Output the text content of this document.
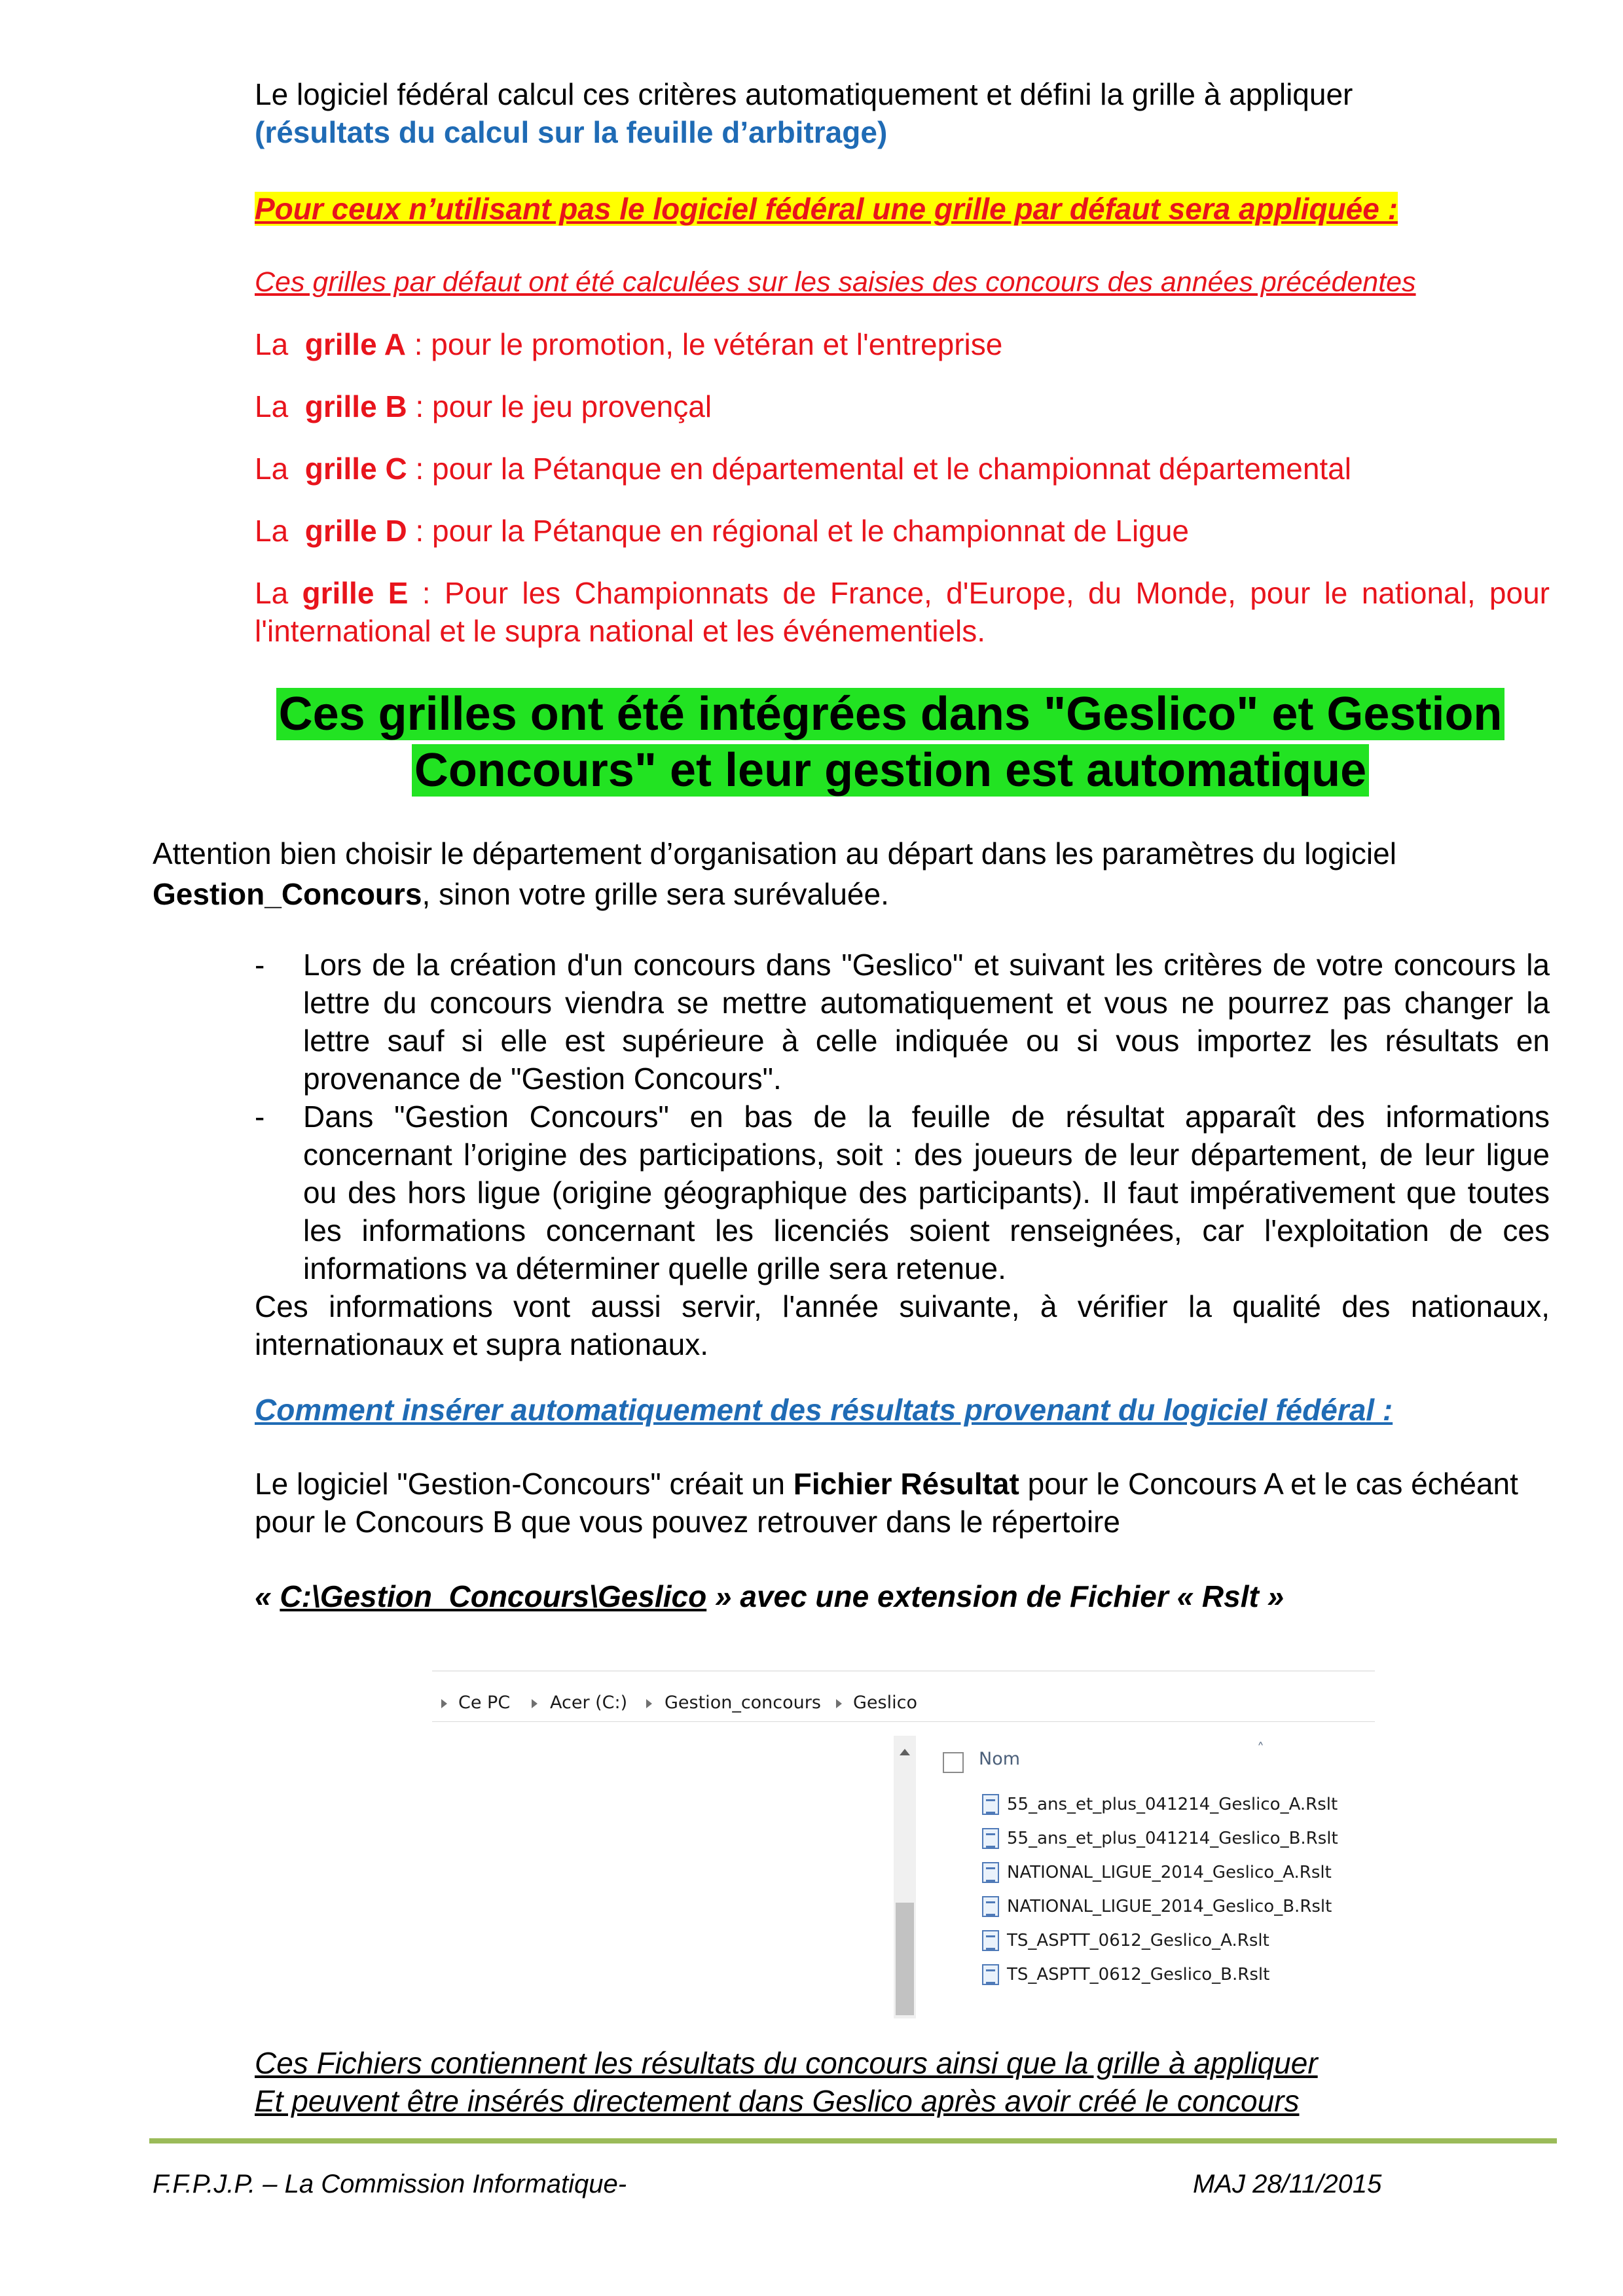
Le logiciel fédéral calcul ces critères automatiquement et défini la grille à appliquer
(résultats du calcul sur la feuille d’arbitrage)

Pour ceux n’utilisant pas le logiciel fédéral une grille par défaut sera appliquée :

Ces grilles par défaut ont été calculées sur les saisies des concours des années précédentes

La grille A : pour le promotion, le vétéran et l'entreprise

La grille B : pour le jeu provençal

La grille C : pour la Pétanque en départemental et le championnat départemental

La grille D : pour la Pétanque en régional et le championnat de Ligue

La grille E : Pour les Championnats de France, d'Europe, du Monde, pour le national, pour l'international et le supra national et les événementiels.

Ces grilles ont été intégrées dans "Geslico" et Gestion
Concours" et leur gestion est automatique

Attention bien choisir le département d’organisation au départ dans les paramètres du logiciel
Gestion_Concours, sinon votre grille sera surévaluée.

- Lors de la création d'un concours dans "Geslico" et suivant les critères de votre concours la lettre du concours viendra se mettre automatiquement et vous ne pourrez pas changer la lettre sauf si elle est supérieure à celle indiquée ou si vous importez les résultats en provenance de "Gestion Concours".
- Dans "Gestion Concours" en bas de la feuille de résultat apparaît des informations concernant l’origine des participations, soit : des joueurs de leur département, de leur ligue ou des hors ligue (origine géographique des participants). Il faut impérativement que toutes les informations concernant les licenciés soient renseignées, car l'exploitation de ces informations va déterminer quelle grille sera retenue.

Ces informations vont aussi servir, l'année suivante, à vérifier la qualité des nationaux, internationaux et supra nationaux.

Comment insérer automatiquement des résultats provenant du logiciel fédéral :

Le logiciel "Gestion-Concours" créait un Fichier Résultat pour le Concours A et le cas échéant pour le Concours B que vous pouvez retrouver dans le répertoire

« C:\Gestion_Concours\Geslico » avec une extension de Fichier « Rslt »

Ce PC Acer (C:) Gestion_concours Geslico
Nom	˄
55_ans_et_plus_041214_Geslico_A.Rslt
55_ans_et_plus_041214_Geslico_B.Rslt
NATIONAL_LIGUE_2014_Geslico_A.Rslt
NATIONAL_LIGUE_2014_Geslico_B.Rslt
TS_ASPTT_0612_Geslico_A.Rslt
TS_ASPTT_0612_Geslico_B.Rslt

Ces Fichiers contiennent les résultats du concours ainsi que la grille à appliquer
Et peuvent être insérés directement dans Geslico après avoir créé le concours

F.F.P.J.P. – La Commission Informatique-	MAJ 28/11/2015
